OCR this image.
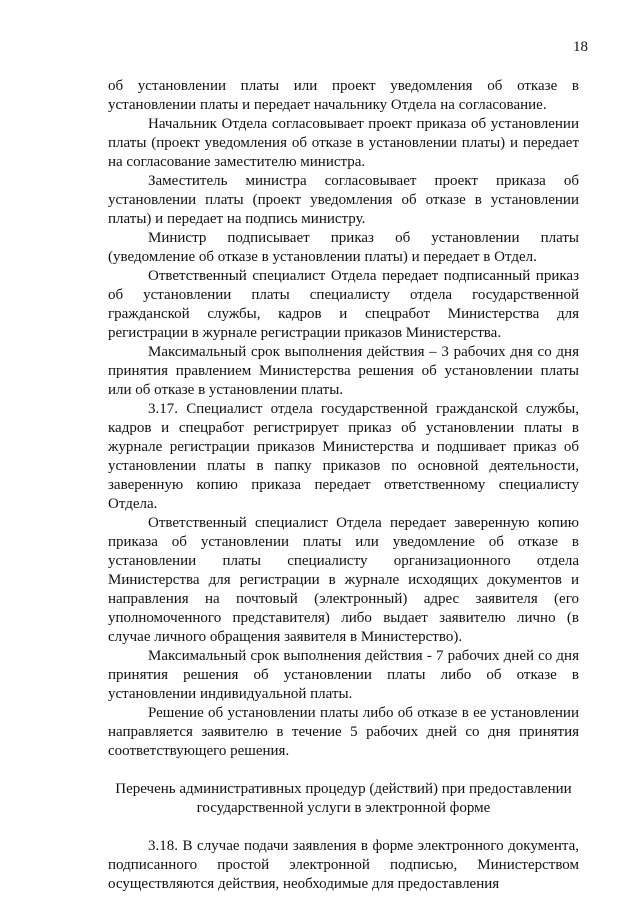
18

об установлении платы или проект уведомления об отказе в установлении платы и передает начальнику Отдела на согласование.

Начальник Отдела согласовывает проект приказа об установлении платы (проект уведомления об отказе в установлении платы) и передает на согласование заместителю министра.

Заместитель министра согласовывает проект приказа об установлении платы (проект уведомления об отказе в установлении платы) и передает на подпись министру.

Министр подписывает приказ об установлении платы (уведомление об отказе в установлении платы) и передает в Отдел.

Ответственный специалист Отдела передает подписанный приказ об установлении платы специалисту отдела государственной гражданской службы, кадров и спецработ Министерства для регистрации в журнале регистрации приказов Министерства.

Максимальный срок выполнения действия – 3 рабочих дня со дня принятия правлением Министерства решения об установлении платы или об отказе в установлении платы.

3.17. Специалист отдела государственной гражданской службы, кадров и спецработ регистрирует приказ об установлении платы в журнале регистрации приказов Министерства и подшивает приказ об установлении платы в папку приказов по основной деятельности, заверенную копию приказа передает ответственному специалисту Отдела.

Ответственный специалист Отдела передает заверенную копию приказа об установлении платы или уведомление об отказе в установлении платы специалисту организационного отдела Министерства для регистрации в журнале исходящих документов и направления на почтовый (электронный) адрес заявителя (его уполномоченного представителя) либо выдает заявителю лично (в случае личного обращения заявителя в Министерство).

Максимальный срок выполнения действия - 7 рабочих дней со дня принятия решения об установлении платы либо об отказе в установлении индивидуальной платы.

Решение об установлении платы либо об отказе в ее установлении направляется заявителю в течение 5 рабочих дней со дня принятия соответствующего решения.

Перечень административных процедур (действий) при предоставлении
государственной услуги в электронной форме

3.18. В случае подачи заявления в форме электронного документа, подписанного простой электронной подписью, Министерством осуществляются действия, необходимые для предоставления
